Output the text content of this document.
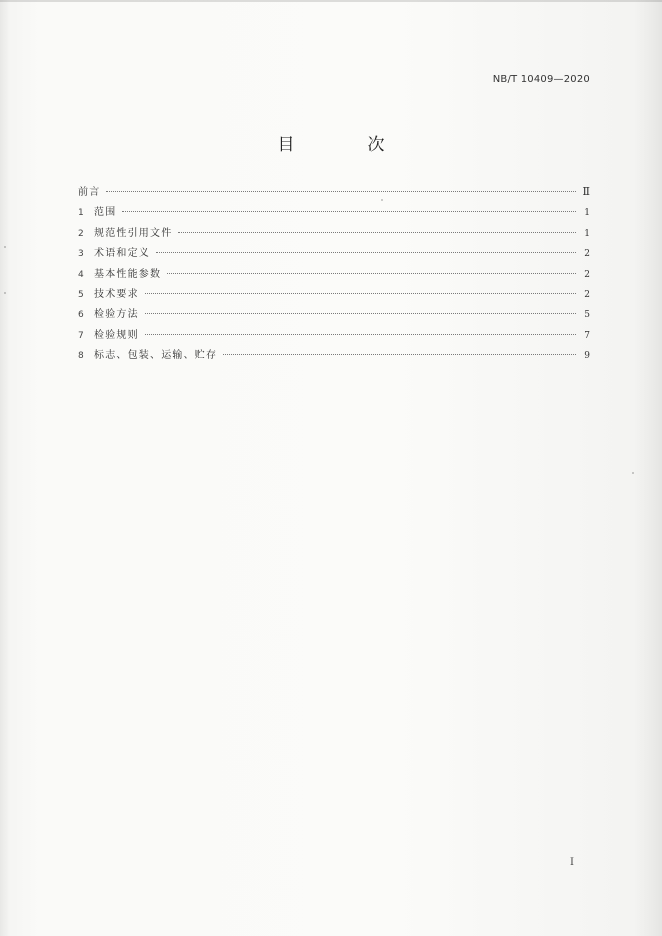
NB/T 10409—2020
目　次
前言	Ⅱ
1	范围	1
2	规范性引用文件	1
3	术语和定义	2
4	基本性能参数	2
5	技术要求	2
6	检验方法	5
7	检验规则	7
8	标志、包装、运输、贮存	9
I
